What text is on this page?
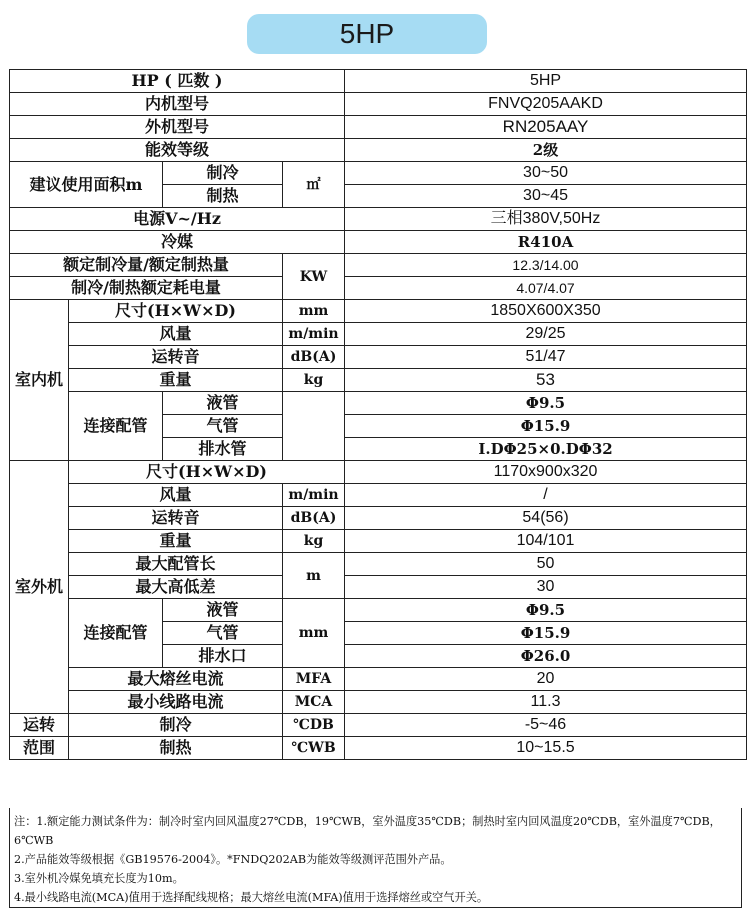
5HP
HP ( 匹数 )				5HP
内机型号				FNVQ205AAKD
外机型号				RN205AAY
能效等级				2级
建议使用面积m		制冷	㎡	30~50
		制热		30~45
电源V~/Hz				三相380V,50Hz
冷媒				R410A
额定制冷量/额定制热量			KW	12.3/14.00
制冷/制热额定耗电量				4.07/4.07
室内机	尺寸(H×W×D)		mm	1850X600X350
	风量		m/min	29/25
	运转音		dB(A)	51/47
	重量		kg	53
	连接配管	液管		Φ9.5
		气管		Φ15.9
		排水管		I.DΦ25×0.DΦ32
室外机	尺寸(H×W×D)			1170x900x320
	风量		m/min	/
	运转音		dB(A)	54(56)
	重量		kg	104/101
	最大配管长		m	50
	最大高低差			30
	连接配管	液管	mm	Φ9.5
		气管		Φ15.9
		排水口		Φ26.0
	最大熔丝电流		MFA	20
	最小线路电流		MCA	11.3
运转	制冷		℃DB	-5~46
范围	制热		℃WB	10~15.5
注：1.额定能力测试条件为：制冷时室内回风温度27℃DB，19℃WB，室外温度35℃DB；制热时室内回风温度20℃DB，室外温度7℃DB，6℃WB
2.产品能效等级根据《GB19576-2004》。*FNDQ202AB为能效等级测评范围外产品。
3.室外机冷媒免填充长度为10m。
4.最小线路电流(MCA)值用于选择配线规格；最大熔丝电流(MFA)值用于选择熔丝或空气开关。
